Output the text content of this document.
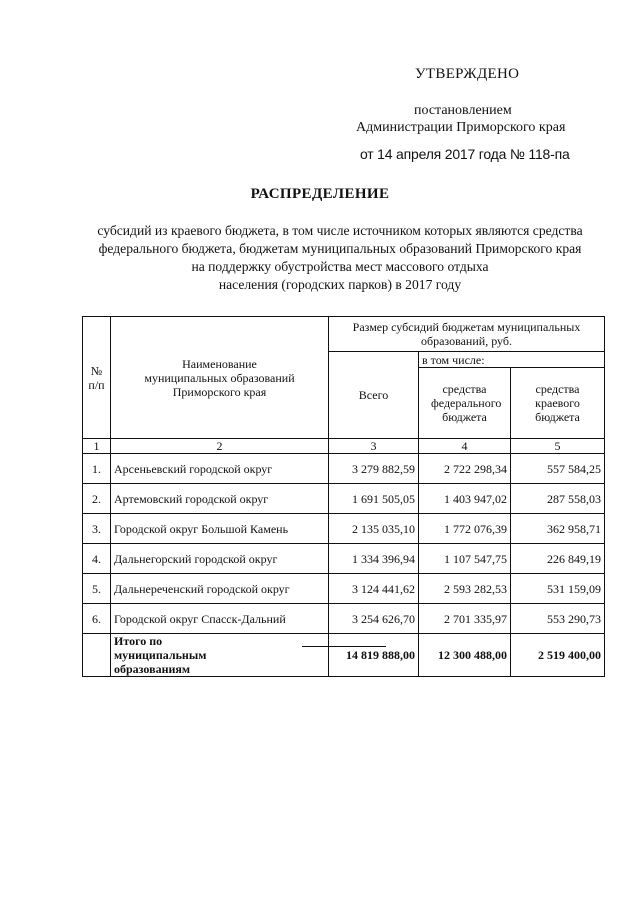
УТВЕРЖДЕНО
постановлением
Администрации Приморского края
от 14 апреля 2017 года № 118-па
РАСПРЕДЕЛЕНИЕ
субсидий из краевого бюджета, в том числе источником которых являются средства
федерального бюджета, бюджетам муниципальных образований Приморского края
на поддержку обустройства мест массового отдыха
населения (городских парков) в 2017 году
№ п/п	Наименование муниципальных образований Приморского края	Размер субсидий бюджетам муниципальных образований, руб.		
		Всего	в том числе:	
			средства федерального бюджета	средства краевого бюджета
1	2	3	4	5
1.	Арсеньевский городской округ	3 279 882,59	2 722 298,34	557 584,25
2.	Артемовский городской округ	1 691 505,05	1 403 947,02	287 558,03
3.	Городской округ Большой Камень	2 135 035,10	1 772 076,39	362 958,71
4.	Дальнегорский городской округ	1 334 396,94	1 107 547,75	226 849,19
5.	Дальнереченский городской округ	3 124 441,62	2 593 282,53	531 159,09
6.	Городской округ Спасск-Дальний	3 254 626,70	2 701 335,97	553 290,73
	Итого по муниципальным образованиям	14 819 888,00	12 300 488,00	2 519 400,00
